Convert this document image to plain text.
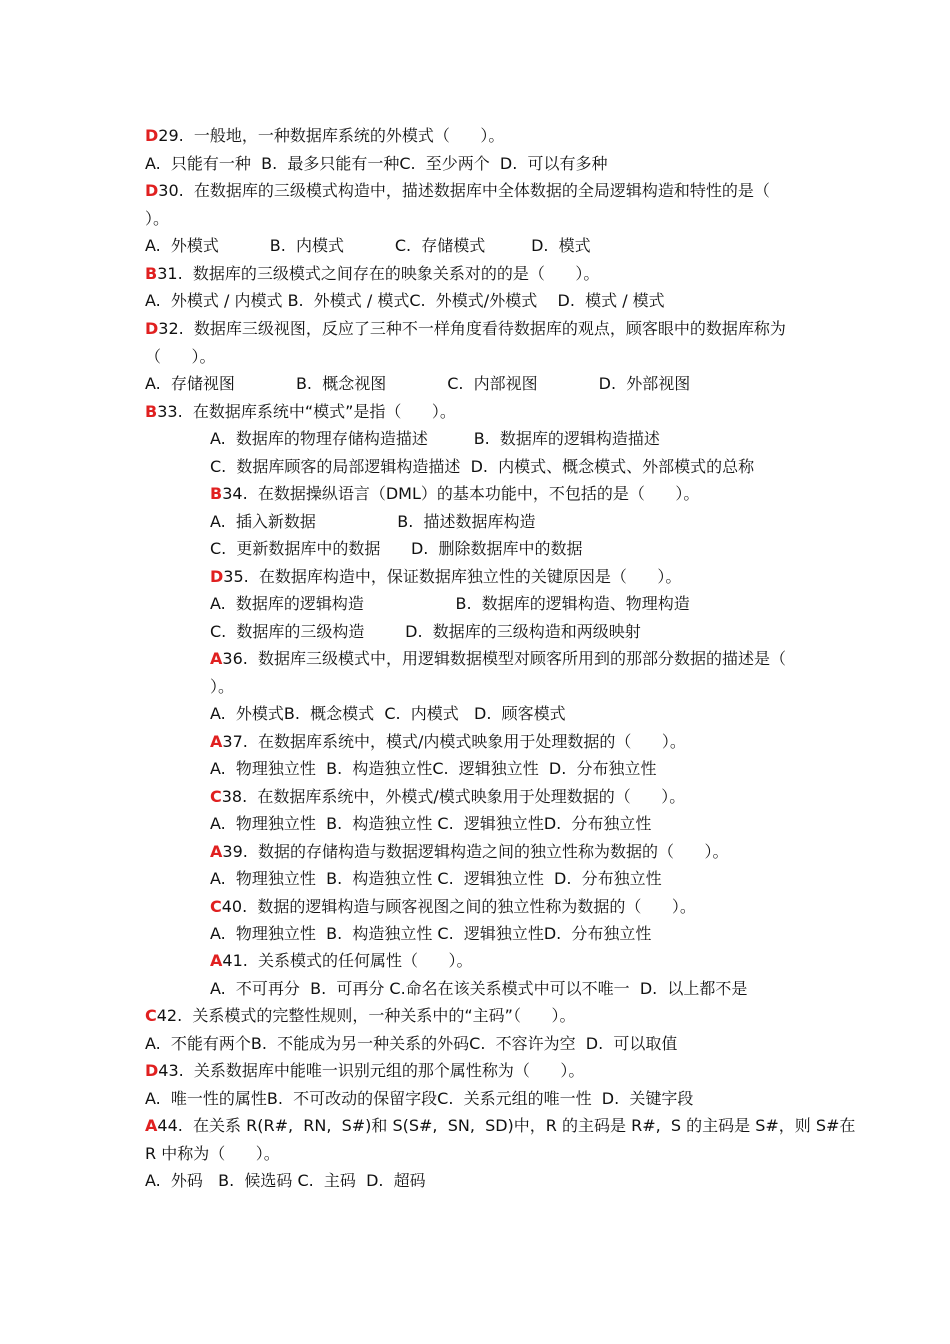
D29.  一般地，一种数据库系统的外模式（      ）。
A.  只能有一种  B.  最多只能有一种C.  至少两个  D.  可以有多种
D30.  在数据库的三级模式构造中，描述数据库中全体数据的全局逻辑构造和特性的是（
）。
A.  外模式          B.  内模式          C.  存储模式         D.  模式
B31.  数据库的三级模式之间存在的映象关系对的的是（      ）。
A.  外模式 / 内模式 B.  外模式 / 模式C.  外模式/外模式    D.  模式 / 模式
D32.  数据库三级视图，反应了三种不一样角度看待数据库的观点，顾客眼中的数据库称为
（      ）。
A.  存储视图            B.  概念视图            C.  内部视图            D.  外部视图
B33.  在数据库系统中“模式”是指（      ）。
A.  数据库的物理存储构造描述         B.  数据库的逻辑构造描述
C.  数据库顾客的局部逻辑构造描述  D.  内模式、概念模式、外部模式的总称
B34.  在数据操纵语言（DML）的基本功能中，不包括的是（      ）。
A.  插入新数据                B.  描述数据库构造
C.  更新数据库中的数据      D.  删除数据库中的数据
D35.  在数据库构造中，保证数据库独立性的关键原因是（      ）。
A.  数据库的逻辑构造                  B.  数据库的逻辑构造、物理构造
C.  数据库的三级构造        D.  数据库的三级构造和两级映射
A36.  数据库三级模式中，用逻辑数据模型对顾客所用到的那部分数据的描述是（
）。
A.  外模式B.  概念模式  C.  内模式   D.  顾客模式
A37.  在数据库系统中，模式/内模式映象用于处理数据的（      ）。
A.  物理独立性  B.  构造独立性C.  逻辑独立性  D.  分布独立性
C38.  在数据库系统中，外模式/模式映象用于处理数据的（      ）。
A.  物理独立性  B.  构造独立性 C.  逻辑独立性D.  分布独立性
A39.  数据的存储构造与数据逻辑构造之间的独立性称为数据的（      ）。
A.  物理独立性  B.  构造独立性 C.  逻辑独立性  D.  分布独立性
C40.  数据的逻辑构造与顾客视图之间的独立性称为数据的（      ）。
A.  物理独立性  B.  构造独立性 C.  逻辑独立性D.  分布独立性
A41.  关系模式的任何属性（      ）。
A.  不可再分  B.  可再分 C.命名在该关系模式中可以不唯一  D.  以上都不是
C42.  关系模式的完整性规则，一种关系中的“主码”（      ）。
A.  不能有两个B.  不能成为另一种关系的外码C.  不容许为空  D.  可以取值
D43.  关系数据库中能唯一识别元组的那个属性称为（      ）。
A.  唯一性的属性B.  不可改动的保留字段C.  关系元组的唯一性  D.  关键字段
A44.  在关系 R(R#,  RN,  S#)和 S(S#,  SN,  SD)中，R 的主码是 R#,  S 的主码是 S#，则 S#在
R 中称为（      ）。
A.  外码   B.  候选码 C.  主码  D.  超码
